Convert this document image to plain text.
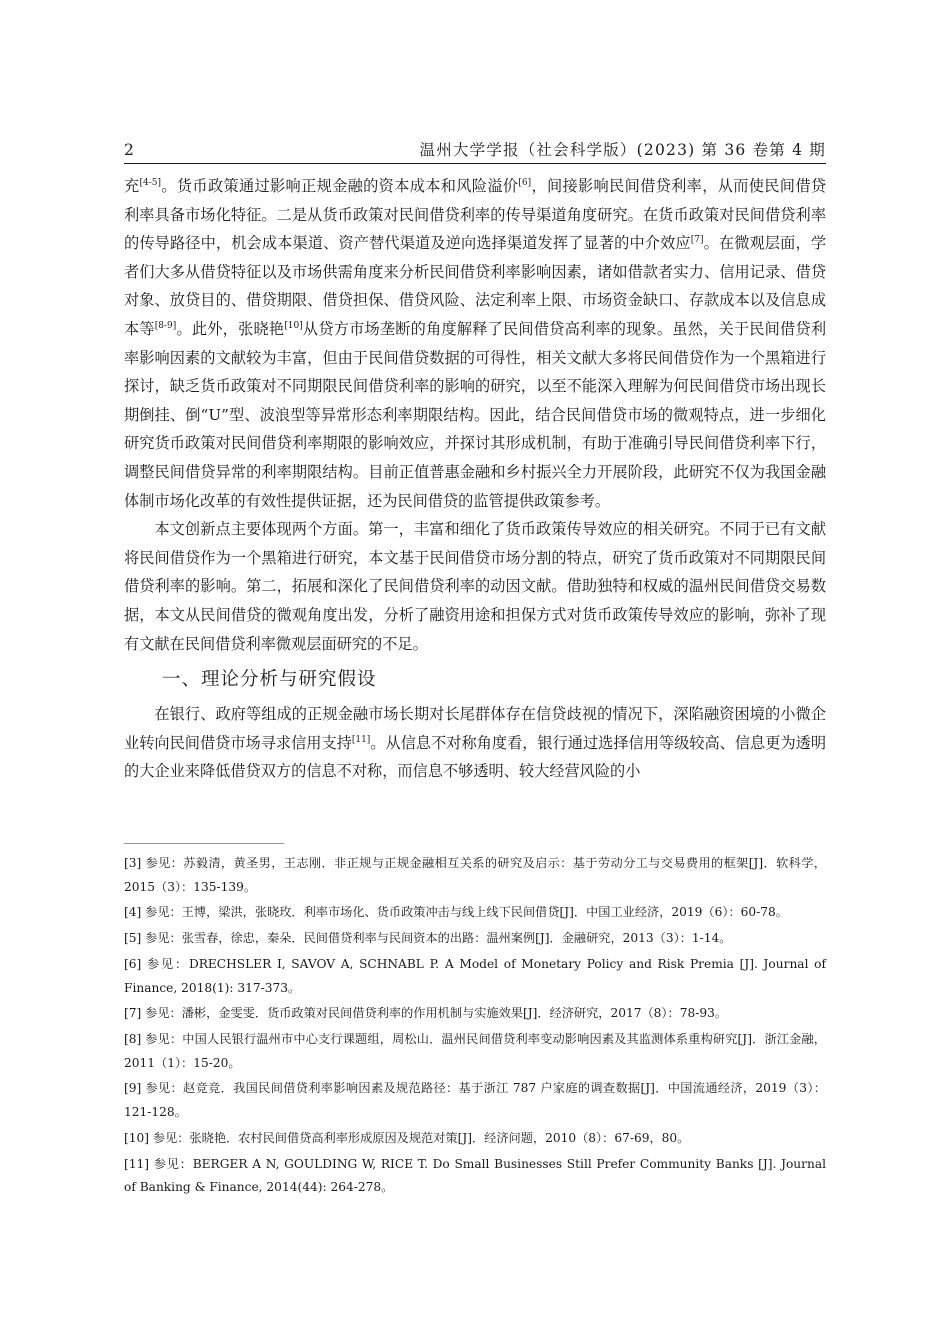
2	温州大学学报（社会科学版）(2023) 第 36 卷第 4 期

充[4-5]。货币政策通过影响正规金融的资本成本和风险溢价[6]，间接影响民间借贷利率，从而使民间借贷利率具备市场化特征。二是从货币政策对民间借贷利率的传导渠道角度研究。在货币政策对民间借贷利率的传导路径中，机会成本渠道、资产替代渠道及逆向选择渠道发挥了显著的中介效应[7]。在微观层面，学者们大多从借贷特征以及市场供需角度来分析民间借贷利率影响因素，诸如借款者实力、信用记录、借贷对象、放贷目的、借贷期限、借贷担保、借贷风险、法定利率上限、市场资金缺口、存款成本以及信息成本等[8-9]。此外，张晓艳[10]从贷方市场垄断的角度解释了民间借贷高利率的现象。虽然，关于民间借贷利率影响因素的文献较为丰富，但由于民间借贷数据的可得性，相关文献大多将民间借贷作为一个黑箱进行探讨，缺乏货币政策对不同期限民间借贷利率的影响的研究，以至不能深入理解为何民间借贷市场出现长期倒挂、倒“U”型、波浪型等异常形态利率期限结构。因此，结合民间借贷市场的微观特点，进一步细化研究货币政策对民间借贷利率期限的影响效应，并探讨其形成机制，有助于准确引导民间借贷利率下行，调整民间借贷异常的利率期限结构。目前正值普惠金融和乡村振兴全力开展阶段，此研究不仅为我国金融体制市场化改革的有效性提供证据，还为民间借贷的监管提供政策参考。

本文创新点主要体现两个方面。第一，丰富和细化了货币政策传导效应的相关研究。不同于已有文献将民间借贷作为一个黑箱进行研究，本文基于民间借贷市场分割的特点，研究了货币政策对不同期限民间借贷利率的影响。第二，拓展和深化了民间借贷利率的动因文献。借助独特和权威的温州民间借贷交易数据，本文从民间借贷的微观角度出发，分析了融资用途和担保方式对货币政策传导效应的影响，弥补了现有文献在民间借贷利率微观层面研究的不足。

一、理论分析与研究假设

在银行、政府等组成的正规金融市场长期对长尾群体存在信贷歧视的情况下，深陷融资困境的小微企业转向民间借贷市场寻求信用支持[11]。从信息不对称角度看，银行通过选择信用等级较高、信息更为透明的大企业来降低借贷双方的信息不对称，而信息不够透明、较大经营风险的小

[3] 参见：苏毅清，黄圣男，王志刚．非正规与正规金融相互关系的研究及启示：基于劳动分工与交易费用的框架[J]．软科学，2015（3）：135-139。

[4] 参见：王博，梁洪，张晓玫．利率市场化、货币政策冲击与线上线下民间借贷[J]．中国工业经济，2019（6）：60-78。

[5] 参见：张雪春，徐忠，秦朵．民间借贷利率与民间资本的出路：温州案例[J]．金融研究，2013（3）：1-14。

[6] 参见：DRECHSLER I, SAVOV A, SCHNABL P. A Model of Monetary Policy and Risk Premia [J]. Journal of Finance, 2018(1): 317-373。

[7] 参见：潘彬，金雯雯．货币政策对民间借贷利率的作用机制与实施效果[J]．经济研究，2017（8）：78-93。

[8] 参见：中国人民银行温州市中心支行课题组，周松山．温州民间借贷利率变动影响因素及其监测体系重构研究[J]．浙江金融，2011（1）：15-20。

[9] 参见：赵竞竞．我国民间借贷利率影响因素及规范路径：基于浙江 787 户家庭的调查数据[J]．中国流通经济，2019（3）：121-128。

[10] 参见：张晓艳．农村民间借贷高利率形成原因及规范对策[J]．经济问题，2010（8）：67-69，80。

[11] 参见：BERGER A N, GOULDING W, RICE T. Do Small Businesses Still Prefer Community Banks [J]. Journal of Banking & Finance, 2014(44): 264-278。
